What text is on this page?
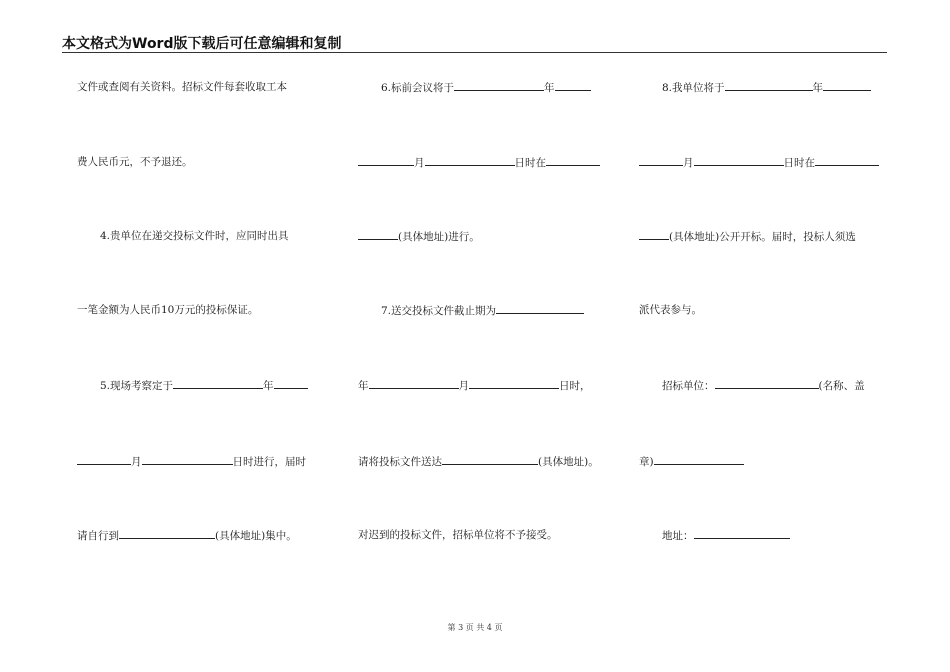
本文格式为Word版下载后可任意编辑和复制
文件或查阅有关资料。招标文件每套收取工本
费人民币元，不予退还。
4.贵单位在递交投标文件时，应同时出具
一笔金额为人民币10万元的投标保证。
5.现场考察定于	年
月	日时进行，届时
请自行到	(具体地址)集中。
6.标前会议将于	年
月	日时在
(具体地址)进行。
7.送交投标文件截止期为
年	月	日时，
请将投标文件送达	(具体地址)。
对迟到的投标文件，招标单位将不予接受。
8.我单位将于	年
月	日时在
(具体地址)公开开标。届时，投标人须选
派代表参与。
招标单位：	(名称、盖
章)
地址：
第 3 页 共 4 页
